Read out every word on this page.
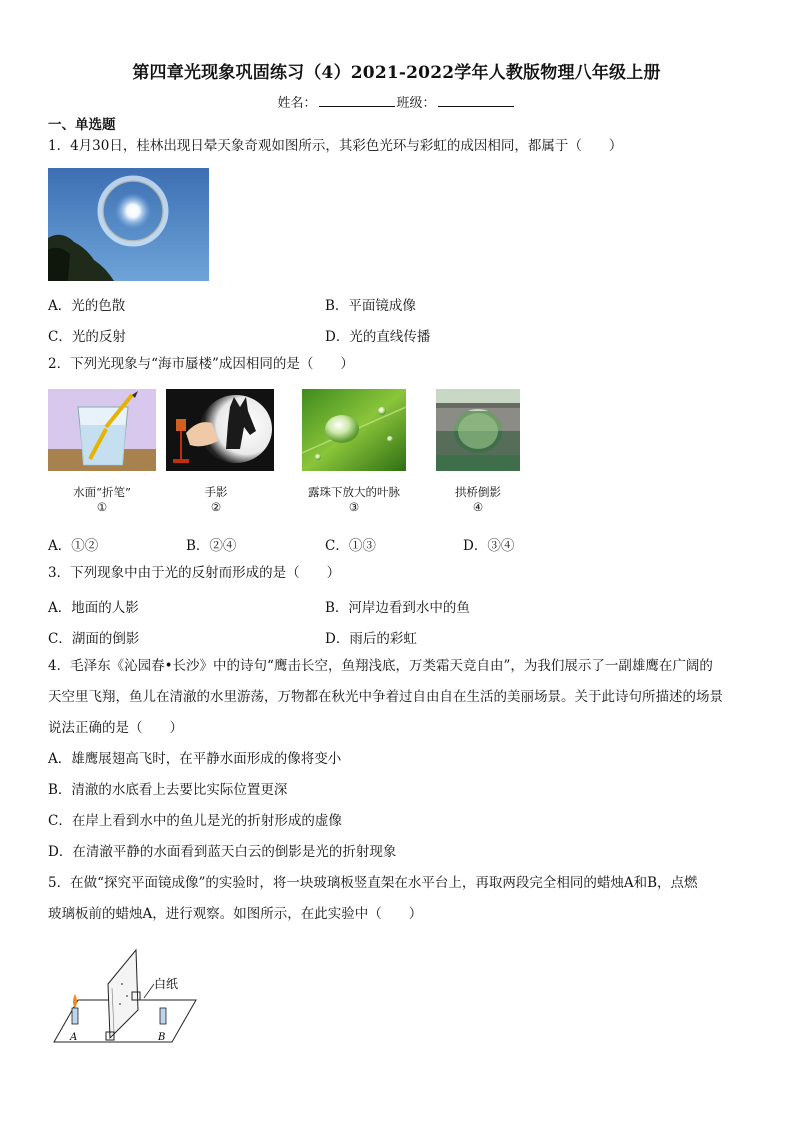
第四章光现象巩固练习（4）2021-2022学年人教版物理八年级上册
姓名：	班级：
一、单选题
1．4月30日，桂林出现日晕天象奇观如图所示，其彩色光环与彩虹的成因相同，都属于（　　）
A．光的色散	B．平面镜成像
C．光的反射	D．光的直线传播
2．下列光现象与“海市蜃楼”成因相同的是（　　）
水面“折笔”
①
手影
②
露珠下放大的叶脉
③
拱桥倒影
④
A．①②	B．②④	C．①③	D．③④
3．下列现象中由于光的反射而形成的是（　　）
A．地面的人影	B．河岸边看到水中的鱼
C．湖面的倒影	D．雨后的彩虹
4．毛泽东《沁园春•长沙》中的诗句“鹰击长空，鱼翔浅底，万类霜天竞自由”，为我们展示了一副雄鹰在广阔的
天空里飞翔，鱼儿在清澈的水里游荡，万物都在秋光中争着过自由自在生活的美丽场景。关于此诗句所描述的场景
说法正确的是（　　）
A．雄鹰展翅高飞时，在平静水面形成的像将变小
B．清澈的水底看上去要比实际位置更深
C．在岸上看到水中的鱼儿是光的折射形成的虚像
D．在清澈平静的水面看到蓝天白云的倒影是光的折射现象
5．在做“探究平面镜成像”的实验时，将一块玻璃板竖直架在水平台上，再取两段完全相同的蜡烛A和B，点燃
玻璃板前的蜡烛A，进行观察。如图所示，在此实验中（　　）
白纸
A	B
